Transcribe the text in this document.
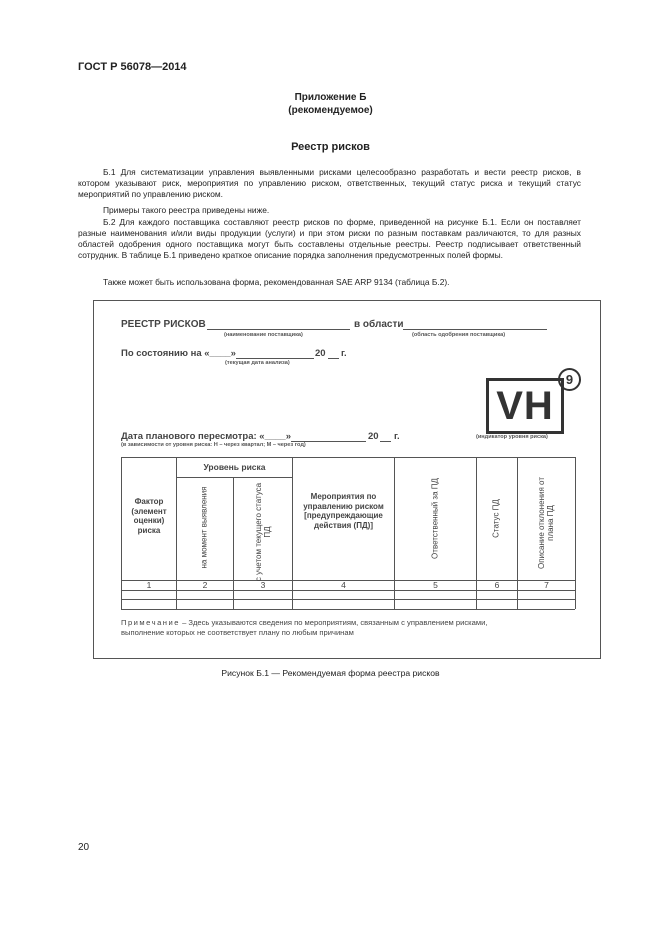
ГОСТ Р 56078—2014
Приложение Б
(рекомендуемое)
Реестр рисков
Б.1 Для систематизации управления выявленными рисками целесообразно разработать и вести реестр рисков, в котором указывают риск, мероприятия по управлению риском, ответственных, текущий статус риска и текущий статус мероприятий по управлению риском.
Примеры такого реестра приведены ниже.
Б.2 Для каждого поставщика составляют реестр рисков по форме, приведенной на рисунке Б.1. Если он поставляет разные наименования и/или виды продукции (услуги) и при этом риски по разным поставкам различаются, то для разных областей одобрения одного поставщика могут быть составлены отдельные реестры. Реестр подписывает ответственный сотрудник. В таблице Б.1 приведено краткое описание порядка заполнения предусмотренных полей формы.
Также может быть использована форма, рекомендованная SAE ARP 9134 (таблица Б.2).
РЕЕСТР РИСКОВ
(наименование поставщика)
в области
(область одобрения поставщика)
По состоянию на «____»	20 г.
(текущая дата анализа)
VH
9
(индикатор уровня риска)
Дата планового пересмотра: «____»	20 г.
(в зависимости от уровня риска: H – через квартал; M – через год)
Фактор (элемент оценки) риска
Уровень риска
на момент выявления	с учетом текущего статуса ПД
Мероприятия по управлению риском [предупреждающие действия (ПД)]	Ответственный за ПД	Статус ПД	Описание отклонения от плана ПД
1	2	3	4	5	6	7
Примечание – Здесь указываются сведения по мероприятиям, связанным с управлением рисками,
выполнение которых не соответствует плану по любым причинам
Рисунок Б.1 — Рекомендуемая форма реестра рисков
20
